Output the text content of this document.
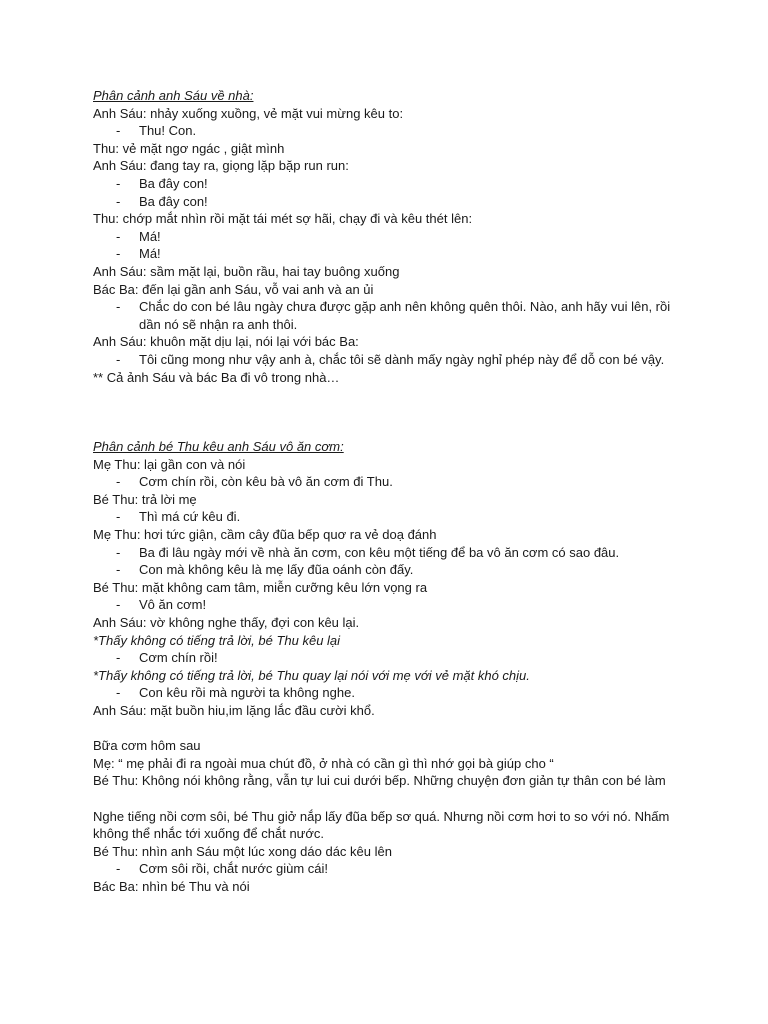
Phân cảnh anh Sáu về nhà:
Anh Sáu: nhảy xuống xuồng, vẻ mặt vui mừng kêu to:
- Thu! Con.
Thu: vẻ mặt ngơ ngác , giật mình
Anh Sáu: đang tay ra, giọng lặp bặp run run:
- Ba đây con!
- Ba đây con!
Thu: chớp mắt nhìn rồi mặt tái mét sợ hãi, chạy đi và kêu thét lên:
- Má!
- Má!
Anh Sáu: sầm mặt lại, buồn rầu, hai tay buông xuống
Bác Ba: đến lại gần anh Sáu, vỗ vai anh và an ủi
- Chắc do con bé lâu ngày chưa được gặp anh nên không quên thôi. Nào, anh hãy vui lên, rồi dần nó sẽ nhận ra anh thôi.
Anh Sáu: khuôn mặt dịu lại, nói lại với bác Ba:
- Tôi cũng mong như vậy anh à, chắc tôi sẽ dành mấy ngày nghỉ phép này để dỗ con bé vậy.
** Cả ảnh Sáu và bác Ba đi vô trong nhà…
Phân cảnh bé Thu kêu anh Sáu vô ăn cơm:
Mẹ Thu: lại gần con và nói
- Cơm chín rồi, còn kêu bà vô ăn cơm đi Thu.
Bé Thu: trả lời mẹ
- Thì má cứ kêu đi.
Mẹ Thu: hơi tức giận, cầm cây đũa bếp quơ ra vẻ doạ đánh
- Ba đi lâu ngày mới về nhà ăn cơm, con kêu một tiếng để ba vô ăn cơm có sao đâu.
- Con mà không kêu là mẹ lấy đũa oánh còn đấy.
Bé Thu: mặt không cam tâm, miễn cưỡng kêu lớn vọng ra
- Vô ăn cơm!
Anh Sáu: vờ không nghe thấy, đợi con kêu lại.
*Thấy không có tiếng trả lời, bé Thu kêu lại
- Cơm chín rồi!
*Thấy không có tiếng trả lời, bé Thu quay lại nói với mẹ với vẻ mặt khó chịu.
- Con kêu rồi mà người ta không nghe.
Anh Sáu: mặt buồn hiu,im lặng lắc đầu cười khổ.
Bữa cơm hôm sau
Mẹ: “ mẹ phải đi ra ngoài mua chút đồ, ở nhà có cần gì thì nhớ gọi bà giúp cho “
Bé Thu: Không nói không rằng, vẫn tự lui cui dưới bếp. Những chuyện đơn giản tự thân con bé làm
Nghe tiếng nồi cơm sôi, bé Thu giở nắp lấy đũa bếp sơ quá. Nhưng nồi cơm hơi to so với nó. Nhấm không thể nhắc tới xuống để chắt nước.
Bé Thu: nhìn anh Sáu một lúc xong dáo dác kêu lên
- Cơm sôi rồi, chắt nước giùm cái!
Bác Ba: nhìn bé Thu và nói
